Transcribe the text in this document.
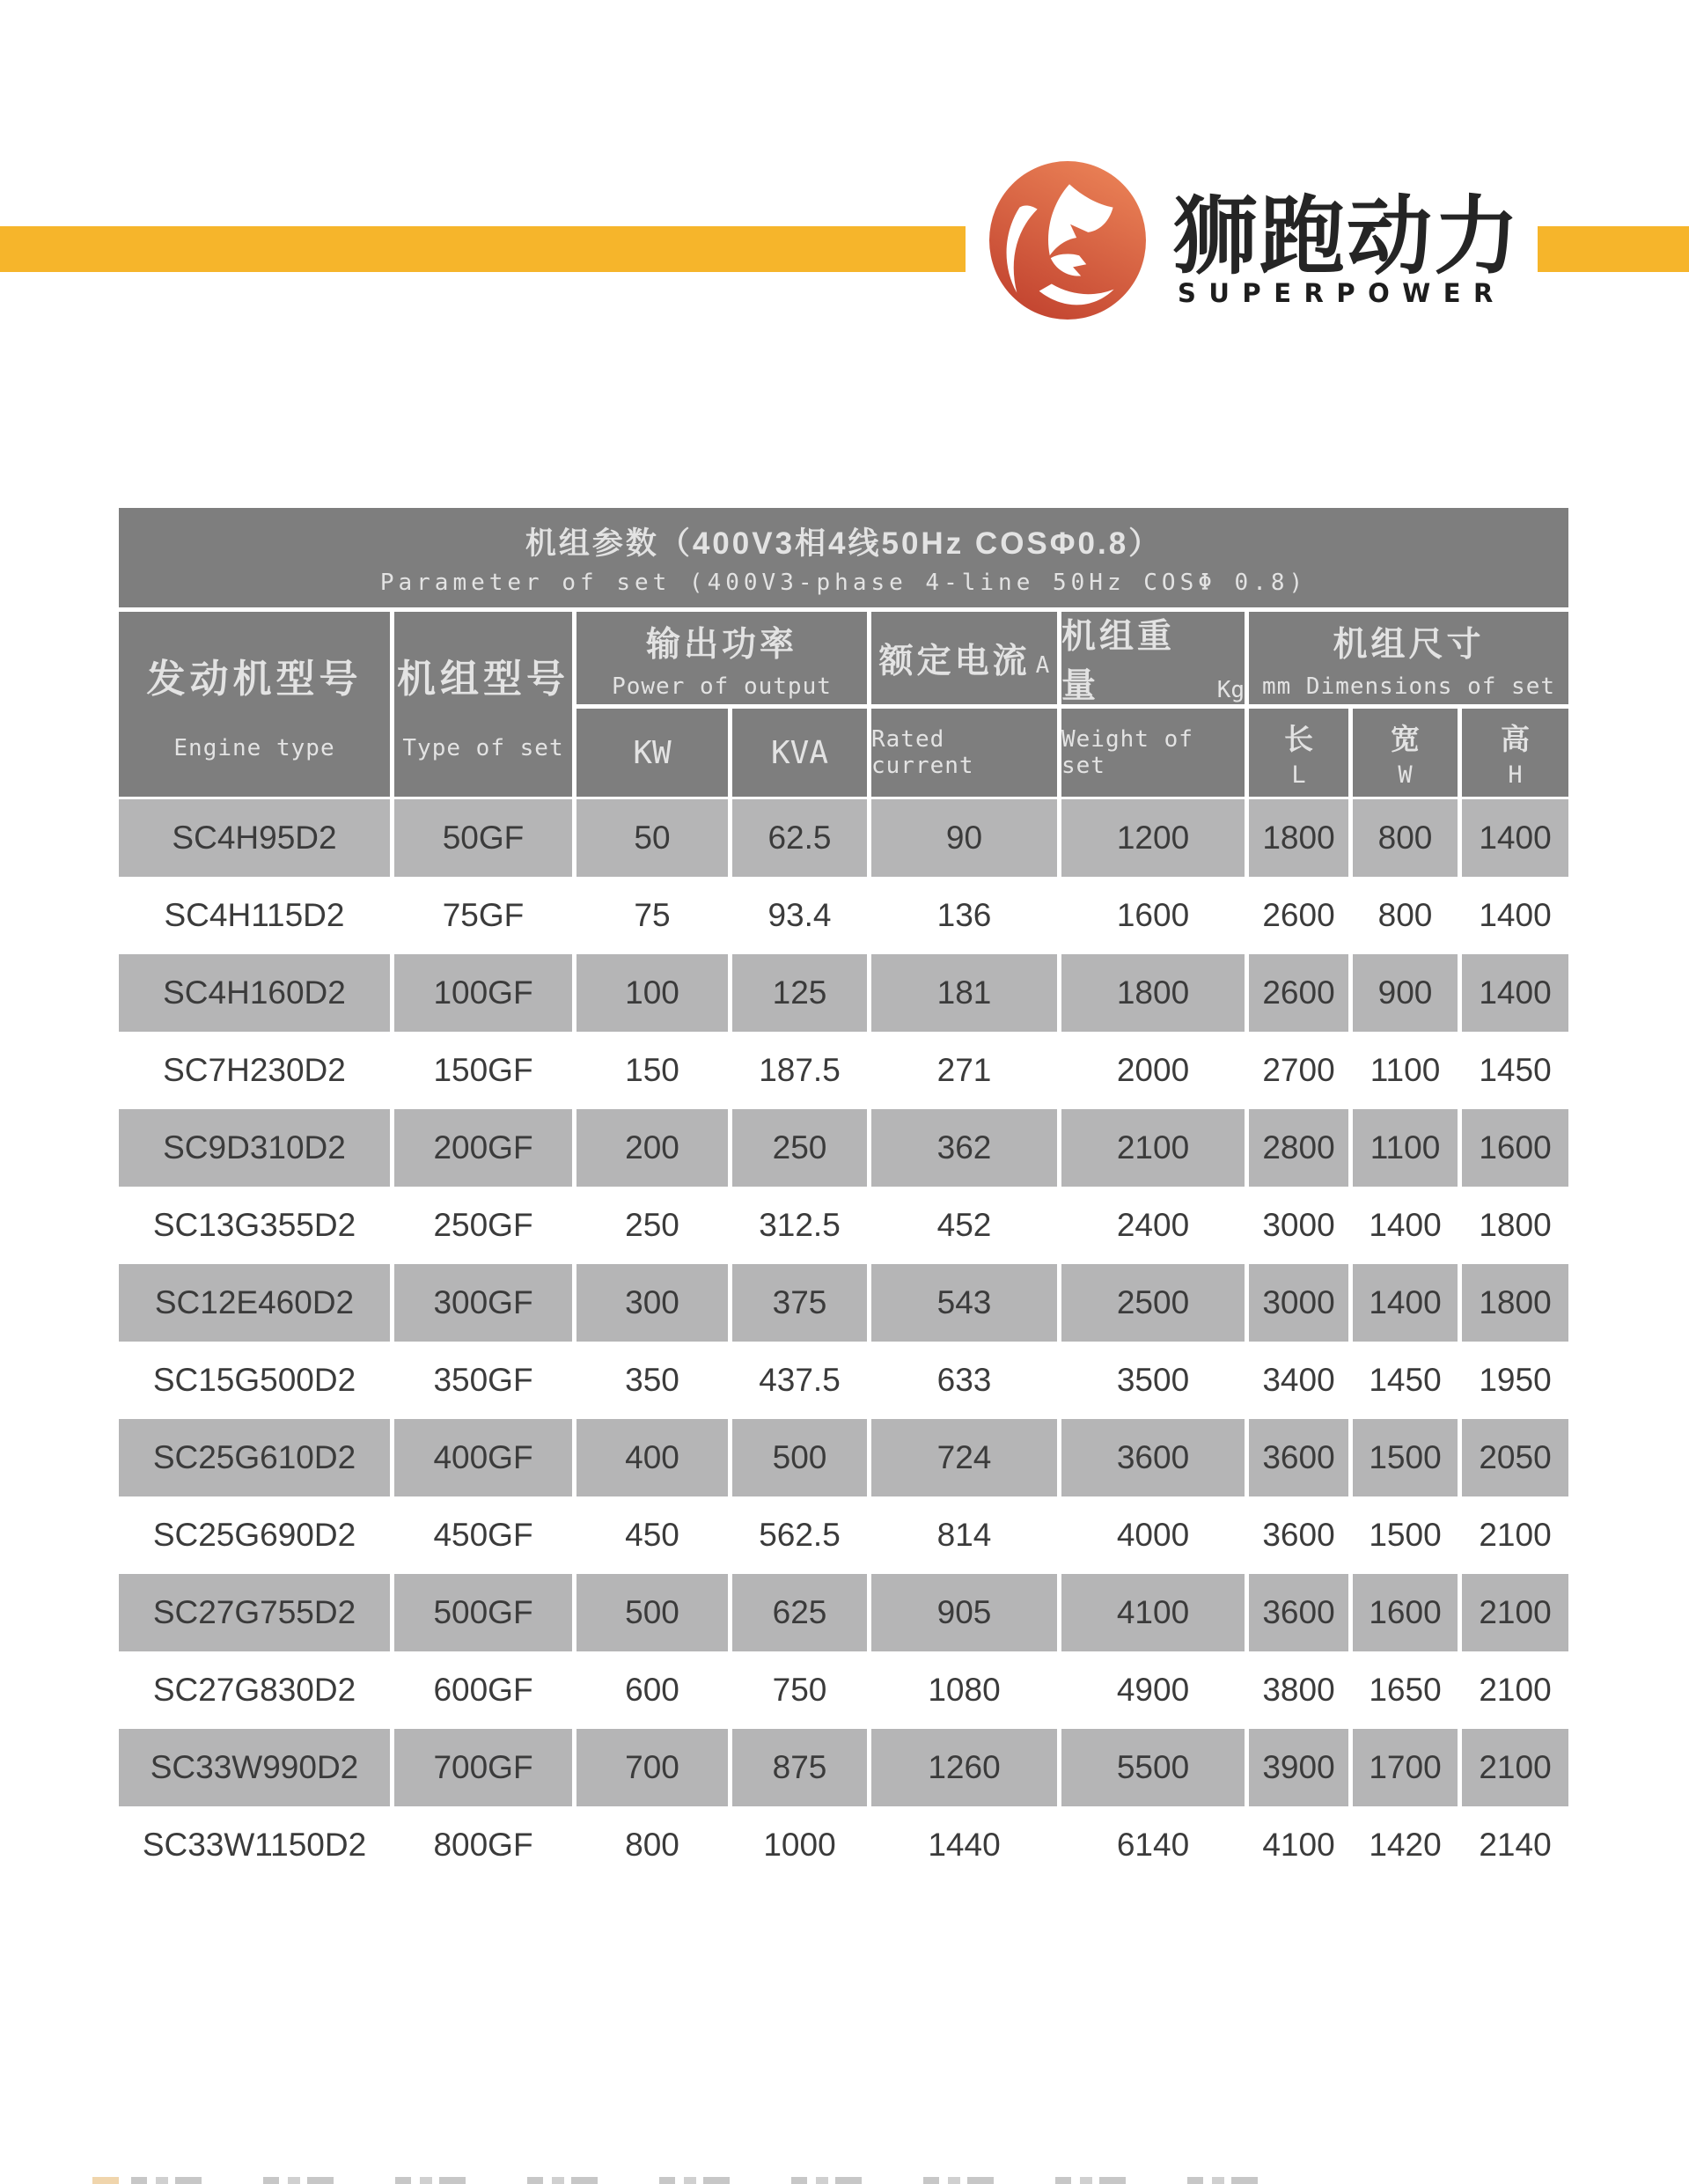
狮跑动力
SUPERPOWER
机组参数（400V3相4线50Hz COSΦ0.8）
Parameter of set (400V3-phase 4-line 50Hz COSΦ 0.8)
发动机型号
Engine type
机组型号
Type of set
输出功率
Power of output
KW	KVA
额定电流 A
Rated current
机组重量	Kg
Weight of set
机组尺寸
mm Dimensions of set
长
L
宽
W
高
H
SC4H95D2	50GF	50	62.5	90	1200	1800	800	1400
SC4H115D2	75GF	75	93.4	136	1600	2600	800	1400
SC4H160D2	100GF	100	125	181	1800	2600	900	1400
SC7H230D2	150GF	150	187.5	271	2000	2700	1100	1450
SC9D310D2	200GF	200	250	362	2100	2800	1100	1600
SC13G355D2	250GF	250	312.5	452	2400	3000	1400	1800
SC12E460D2	300GF	300	375	543	2500	3000	1400	1800
SC15G500D2	350GF	350	437.5	633	3500	3400	1450	1950
SC25G610D2	400GF	400	500	724	3600	3600	1500	2050
SC25G690D2	450GF	450	562.5	814	4000	3600	1500	2100
SC27G755D2	500GF	500	625	905	4100	3600	1600	2100
SC27G830D2	600GF	600	750	1080	4900	3800	1650	2100
SC33W990D2	700GF	700	875	1260	5500	3900	1700	2100
SC33W1150D2	800GF	800	1000	1440	6140	4100	1420	2140
